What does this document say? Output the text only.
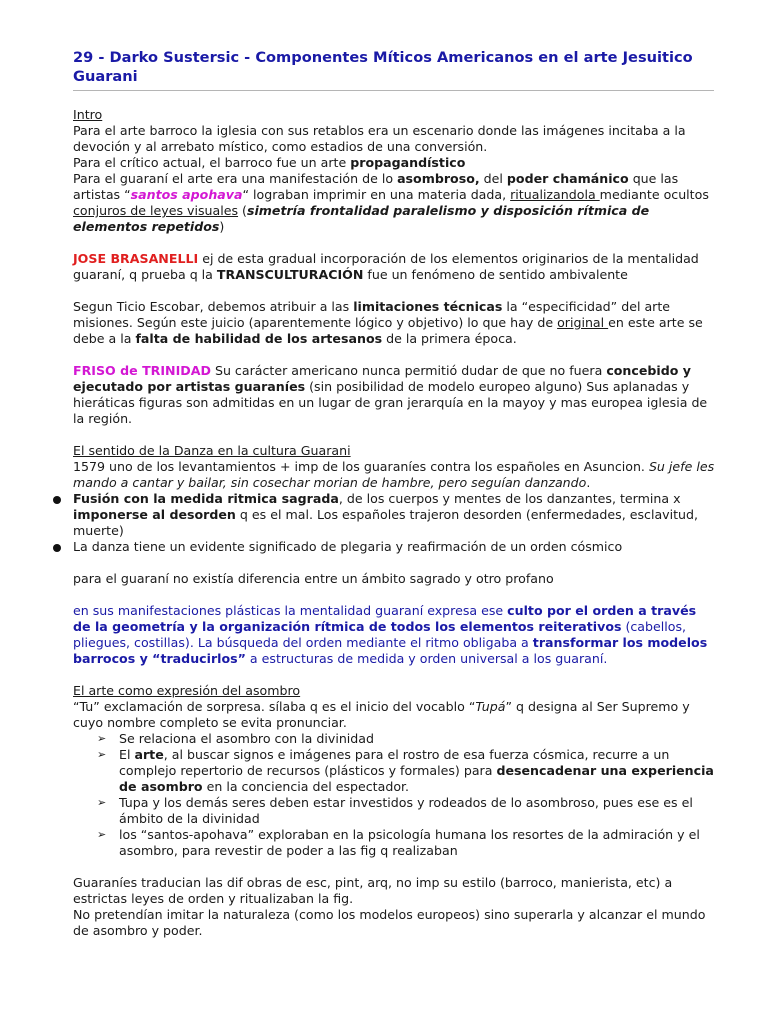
29 - Darko Sustersic - Componentes Míticos Americanos en el arte Jesuitico Guarani

Intro

Para el arte barroco la iglesia con sus retablos era un escenario donde las imágenes incitaba a la devoción y al arrebato místico, como estadios de una conversión.

Para el crítico actual, el barroco fue un arte propagandístico

Para el guaraní el arte era una manifestación de lo asombroso, del poder chamánico que las artistas “santos apohava“ lograban imprimir en una materia dada, ritualizandola mediante ocultos conjuros de leyes visuales (simetría frontalidad paralelismo y disposición rítmica de elementos repetidos)

JOSE BRASANELLI ej de esta gradual incorporación de los elementos originarios de la mentalidad guaraní, q prueba q la TRANSCULTURACIÓN fue un fenómeno de sentido ambivalente

Segun Ticio Escobar, debemos atribuir a las limitaciones técnicas la “especificidad” del arte misiones. Según este juicio (aparentemente lógico y objetivo) lo que hay de original en este arte se debe a la falta de habilidad de los artesanos de la primera época.

FRISO de TRINIDAD Su carácter americano nunca permitió dudar de que no fuera concebido y ejecutado por artistas guaraníes (sin posibilidad de modelo europeo alguno) Sus aplanadas y hieráticas figuras son admitidas en un lugar de gran jerarquía en la mayoy y mas europea iglesia de la región.

El sentido de la Danza en la cultura Guarani

1579 uno de los levantamientos + imp de los guaraníes contra los españoles en Asuncion. Su jefe les mando a cantar y bailar, sin cosechar morian de hambre, pero seguían danzando.

Fusión con la medida ritmica sagrada, de los cuerpos y mentes de los danzantes, termina x imponerse al desorden q es el mal. Los españoles trajeron desorden (enfermedades, esclavitud, muerte)

La danza tiene un evidente significado de plegaria y reafirmación de un orden cósmico

para el guaraní no existía diferencia entre un ámbito sagrado y otro profano

en sus manifestaciones plásticas la mentalidad guaraní expresa ese culto por el orden a través de la geometría y la organización rítmica de todos los elementos reiterativos (cabellos, pliegues, costillas). La búsqueda del orden mediante el ritmo obligaba a transformar los modelos barrocos y “traducirlos” a estructuras de medida y orden universal a los guaraní.

El arte como expresión del asombro

“Tu” exclamación de sorpresa. sílaba q es el inicio del vocablo “Tupá” q designa al Ser Supremo y cuyo nombre completo se evita pronunciar.

➢ Se relaciona el asombro con la divinidad
➢ El arte, al buscar signos e imágenes para el rostro de esa fuerza cósmica, recurre a un complejo repertorio de recursos (plásticos y formales) para desencadenar una experiencia de asombro en la conciencia del espectador.
➢ Tupa y los demás seres deben estar investidos y rodeados de lo asombroso, pues ese es el ámbito de la divinidad
➢ los “santos-apohava” exploraban en la psicología humana los resortes de la admiración y el asombro, para revestir de poder a las fig q realizaban

Guaraníes traducian las dif obras de esc, pint, arq, no imp su estilo (barroco, manierista, etc) a estrictas leyes de orden y ritualizaban la fig.

No pretendían imitar la naturaleza (como los modelos europeos) sino superarla y alcanzar el mundo de asombro y poder.
